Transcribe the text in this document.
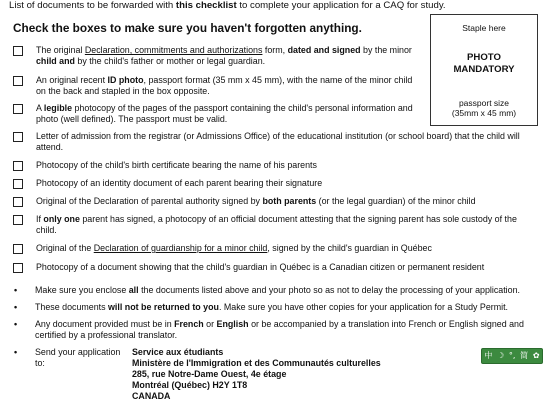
List of documents to be forwarded with this checklist to complete your application for a CAQ for study.
Check the boxes to make sure you haven't forgotten anything.	Staple here
PHOTO
MANDATORY
passport size
(35mm x 45 mm)
The original Declaration, commitments and authorizations form, dated and signed by the minor child and by the child's father or mother or legal guardian.
An original recent ID photo, passport format (35 mm x 45 mm), with the name of the minor child on the back and stapled in the box opposite.
A legible photocopy of the pages of the passport containing the child's personal information and photo (well defined). The passport must be valid.
Letter of admission from the registrar (or Admissions Office) of the educational institution (or school board) that the child will attend.
Photocopy of the child's birth certificate bearing the name of his parents
Photocopy of an identity document of each parent bearing their signature
Original of the Declaration of parental authority signed by both parents (or the legal guardian) of the minor child
If only one parent has signed, a photocopy of an official document attesting that the signing parent has sole custody of the child.
Original of the Declaration of guardianship for a minor child, signed by the child's guardian in Québec
Photocopy of a document showing that the child's guardian in Québec is a Canadian citizen or permanent resident
•	Make sure you enclose all the documents listed above and your photo so as not to delay the processing of your application.
•	These documents will not be returned to you. Make sure you have other copies for your application for a Study Permit.
•	Any document provided must be in French or English or be accompanied by a translation into French or English signed and certified by a professional translator.
•	Send your application to:
Service aux étudiants
Ministère de l'Immigration et des Communautés culturelles
285, rue Notre-Dame Ouest, 4e étage
Montréal (Québec) H2Y 1T8
CANADA
中 ☽ °, 简 ✿
